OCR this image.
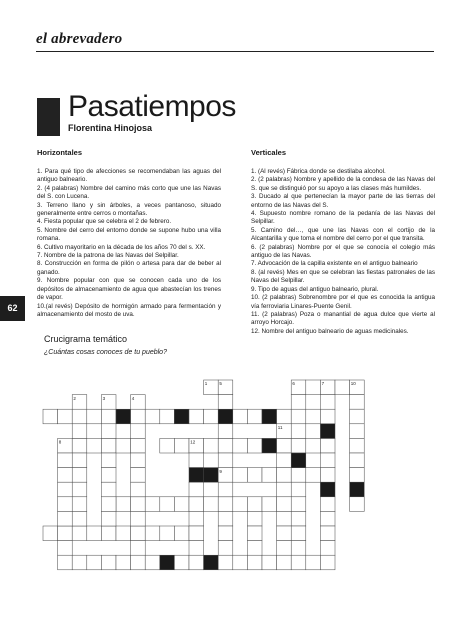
el abrevadero
Pasatiempos
Florentina Hinojosa
Horizontales	Verticales

1. Para qué tipo de afecciones se recomendaban las aguas del antiguo balneario.

2. (4 palabras) Nombre del camino más corto que une las Navas del S. con Lucena.

3. Terreno llano y sin árboles, a veces pantanoso, situado generalmente entre cerros o montañas.

4. Fiesta popular que se celebra el 2 de febrero.

5. Nombre del cerro del entorno donde se supone hubo una villa romana.

6. Cultivo mayoritario en la década de los años 70 del s. XX.

7. Nombre de la patrona de las Navas del Selpillar.

8. Construcción en forma de pilón o artesa para dar de beber al ganado.

9. Nombre popular con que se conocen cada uno de los depósitos de almacenamiento de agua que abastecían los trenes de vapor.

10.(al revés) Depósito de hormigón armado para fermentación y almacenamiento del mosto de uva.

1. (Al revés) Fábrica donde se destilaba alcohol.

2. (2 palabras) Nombre y apellido de la condesa de las Navas del S. que se distinguió por su apoyo a las clases más humildes.

3. Ducado al que pertenecían la mayor parte de las tierras del entorno de las Navas del S.

4. Supuesto nombre romano de la pedanía de las Navas del Selpillar.

5. Camino del…, que une las Navas con el cortijo de la Alcantarilla y que toma el nombre del cerro por el que transita.

6. (2 palabras) Nombre por el que se conocía el colegio más antiguo de las Navas.

7. Advocación de la capilla existente en el antiguo balneario

8. (al revés) Mes en que se celebran las fiestas patronales de las Navas del Selpillar.

9. Tipo de aguas del antiguo balneario, plural.

10. (2 palabras) Sobrenombre por el que es conocida la antigua vía ferroviaria Linares-Puente Genil.

11. (2 palabras) Poza o manantial de agua dulce que vierte al arroyo Horcajo.

12. Nombre del antiguo balneario de aguas medicinales.

62
Crucigrama temático
¿Cuántas cosas conoces de tu pueblo?
1
2	3	4
5	6	7
8
9
10
11
12
